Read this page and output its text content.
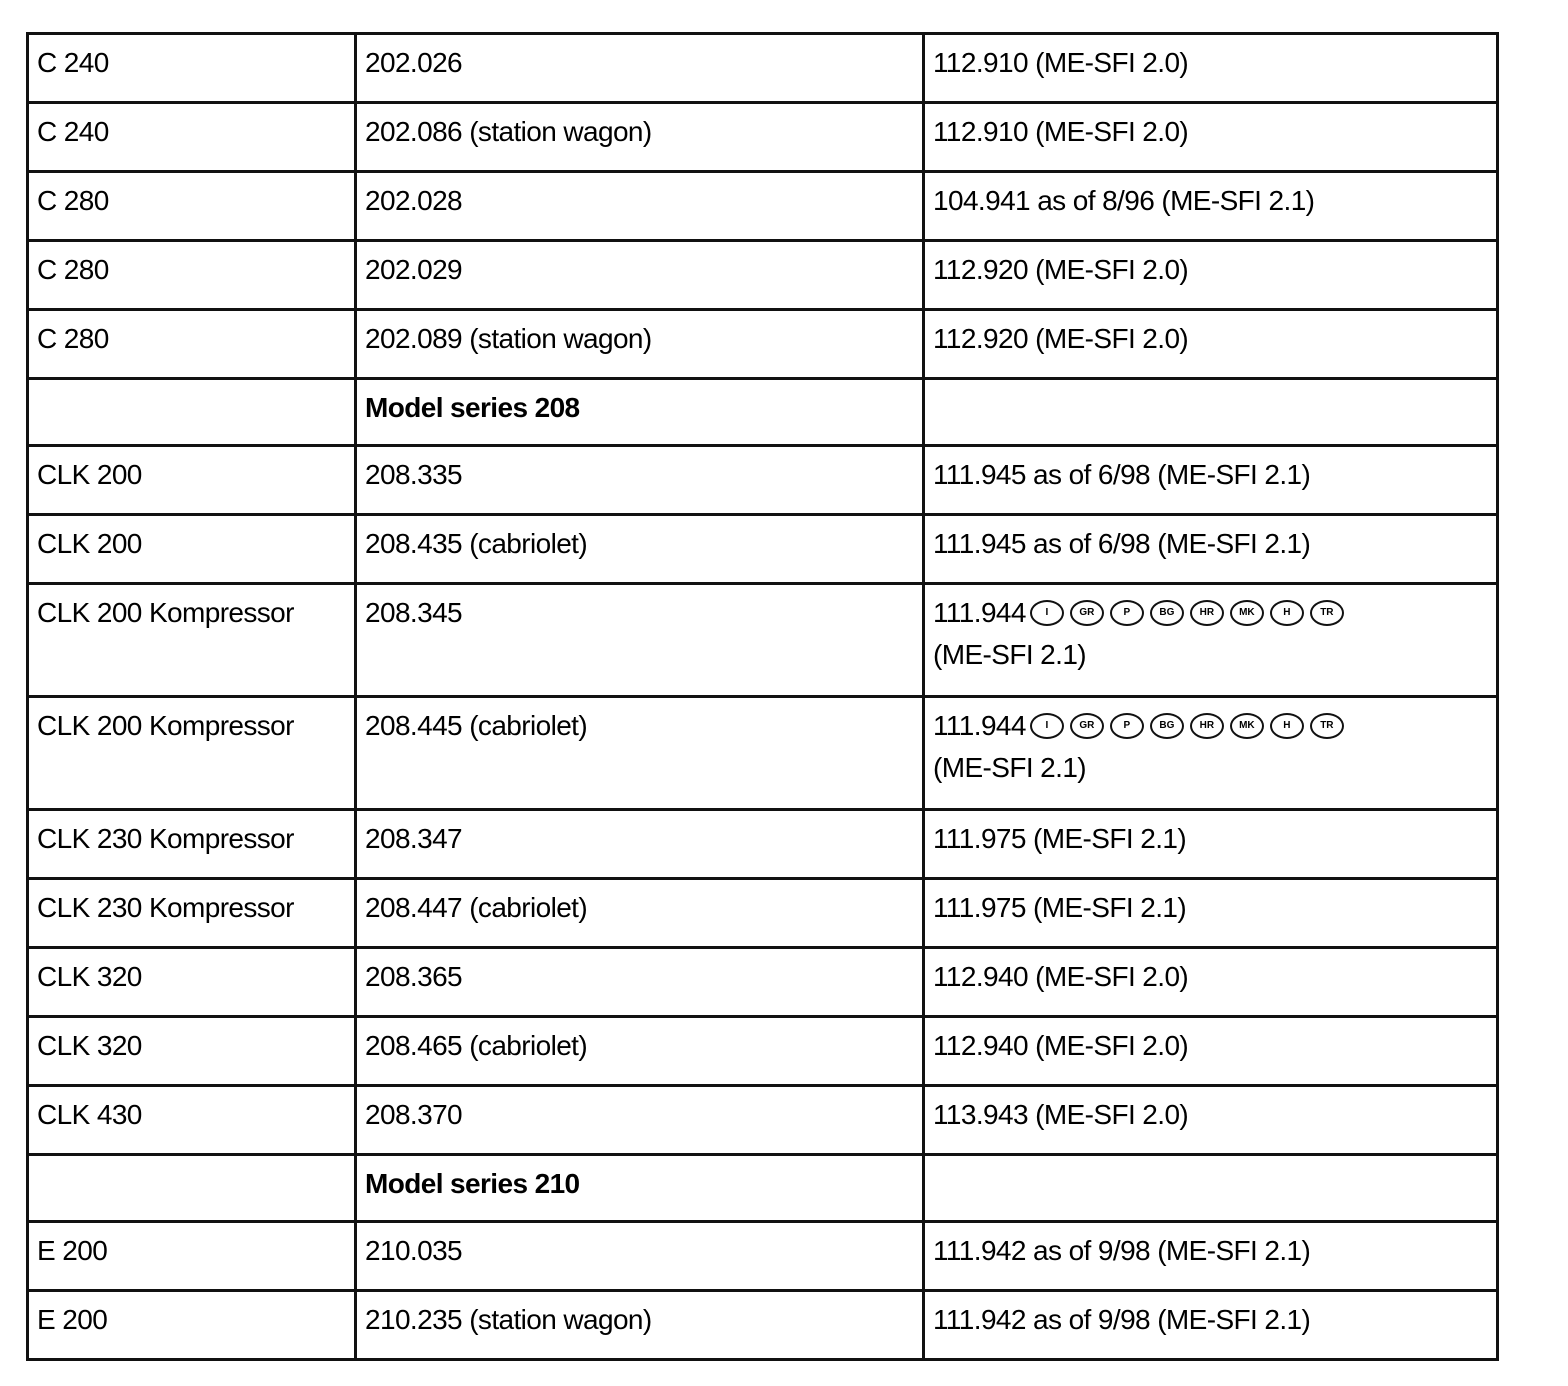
C 240	202.026	112.910 (ME-SFI 2.0)
C 240	202.086 (station wagon)	112.910 (ME-SFI 2.0)
C 280	202.028	104.941 as of 8/96 (ME-SFI 2.1)
C 280	202.029	112.920 (ME-SFI 2.0)
C 280	202.089 (station wagon)	112.920 (ME-SFI 2.0)
	Model series 208	
CLK 200	208.335	111.945 as of 6/98 (ME-SFI 2.1)
CLK 200	208.435 (cabriolet)	111.945 as of 6/98 (ME-SFI 2.1)
CLK 200 Kompressor	208.345	111.944 I GR P BG HR MK H TR
(ME-SFI 2.1)

CLK 200 Kompressor	208.445 (cabriolet)	111.944 I GR P BG HR MK H TR
(ME-SFI 2.1)

CLK 230 Kompressor	208.347	111.975 (ME-SFI 2.1)
CLK 230 Kompressor	208.447 (cabriolet)	111.975 (ME-SFI 2.1)
CLK 320	208.365	112.940 (ME-SFI 2.0)
CLK 320	208.465 (cabriolet)	112.940 (ME-SFI 2.0)
CLK 430	208.370	113.943 (ME-SFI 2.0)
	Model series 210	
E 200	210.035	111.942 as of 9/98 (ME-SFI 2.1)
E 200	210.235 (station wagon)	111.942 as of 9/98 (ME-SFI 2.1)
